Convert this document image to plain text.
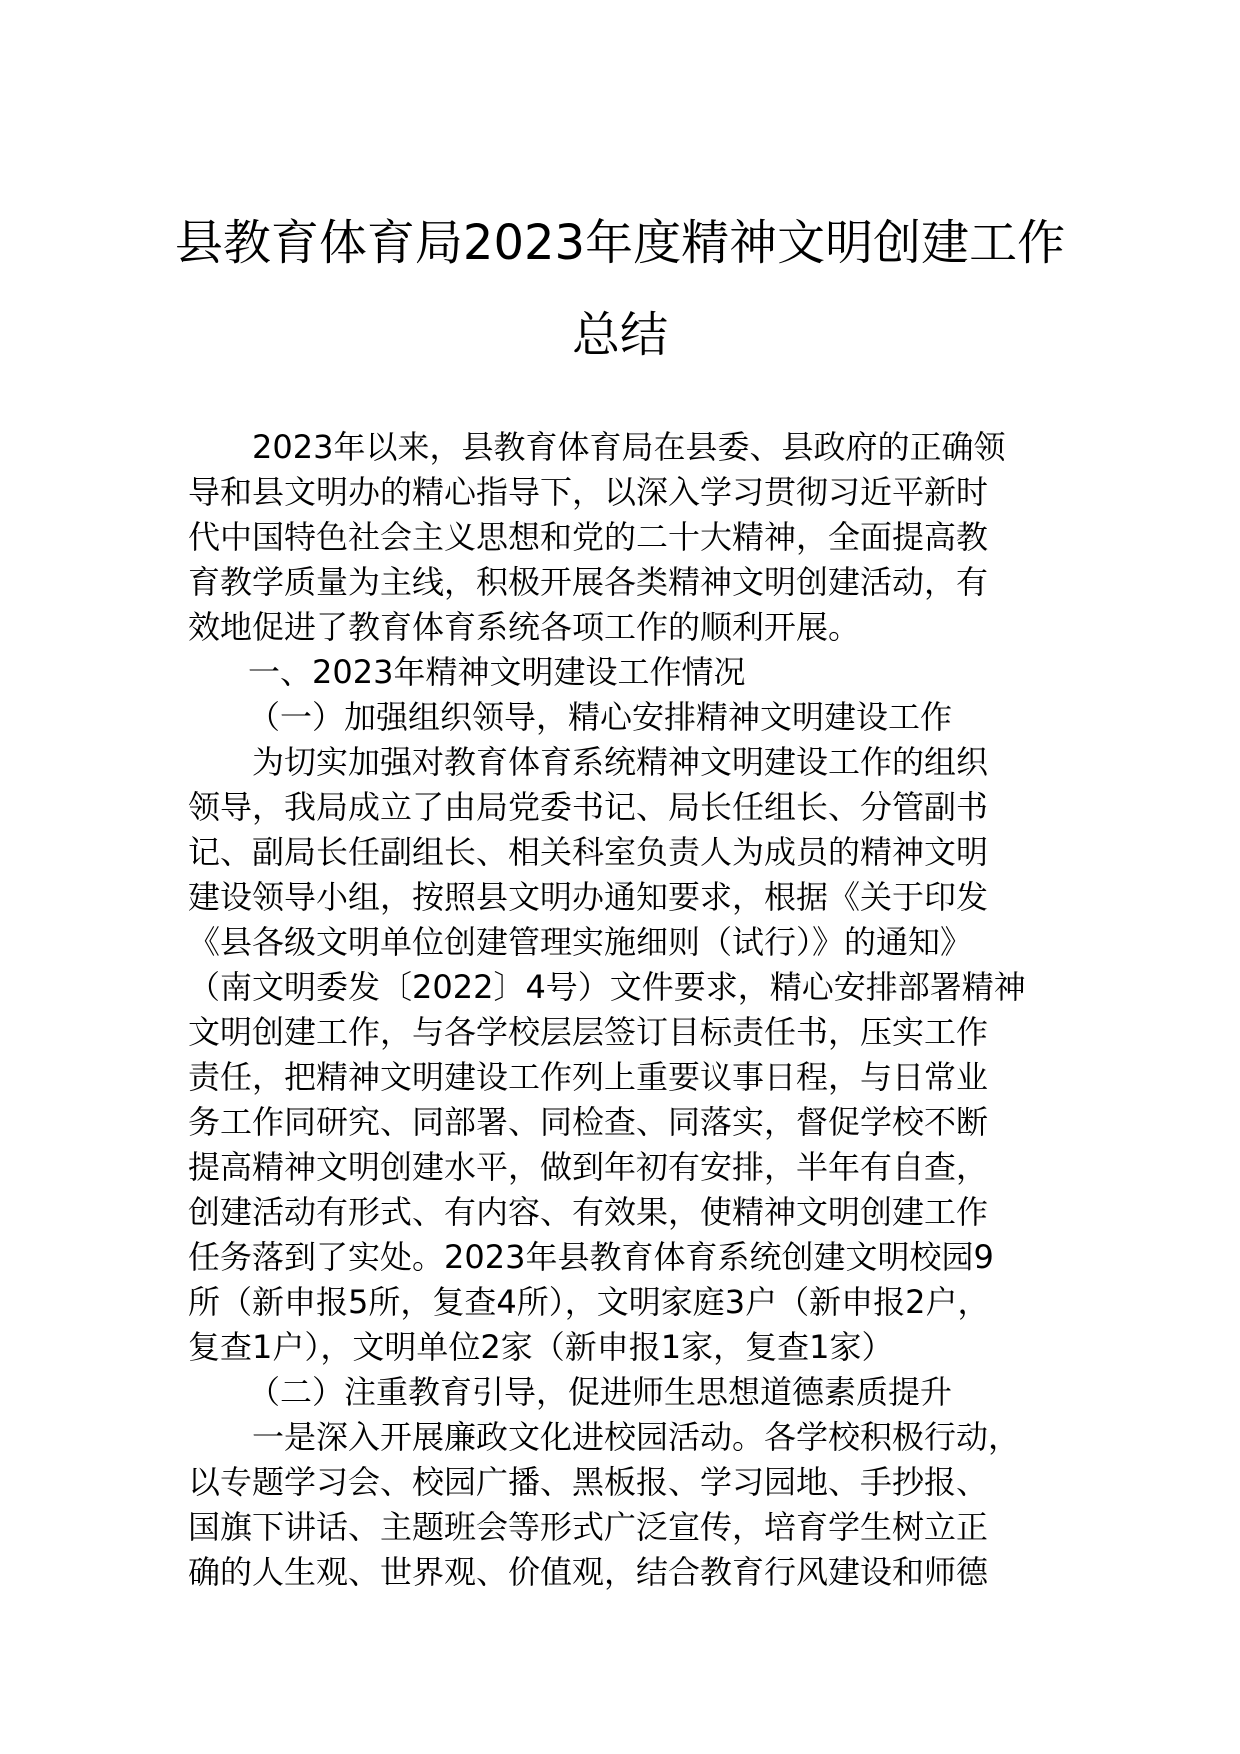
县教育体育局2023年度精神文明创建工作
总结
2023年以来，县教育体育局在县委、县政府的正确领
导和县文明办的精心指导下，以深入学习贯彻习近平新时
代中国特色社会主义思想和党的二十大精神，全面提高教
育教学质量为主线，积极开展各类精神文明创建活动，有
效地促进了教育体育系统各项工作的顺利开展。
一、2023年精神文明建设工作情况
（一）加强组织领导，精心安排精神文明建设工作
为切实加强对教育体育系统精神文明建设工作的组织
领导，我局成立了由局党委书记、局长任组长、分管副书
记、副局长任副组长、相关科室负责人为成员的精神文明
建设领导小组，按照县文明办通知要求，根据《关于印发
《县各级文明单位创建管理实施细则（试行）》的通知》
（南文明委发〔2022〕4号）文件要求，精心安排部署精神
文明创建工作，与各学校层层签订目标责任书，压实工作
责任，把精神文明建设工作列上重要议事日程，与日常业
务工作同研究、同部署、同检查、同落实，督促学校不断
提高精神文明创建水平，做到年初有安排，半年有自查，
创建活动有形式、有内容、有效果，使精神文明创建工作
任务落到了实处。2023年县教育体育系统创建文明校园9
所（新申报5所，复查4所），文明家庭3户（新申报2户，
复查1户），文明单位2家（新申报1家，复查1家）
（二）注重教育引导，促进师生思想道德素质提升
一是深入开展廉政文化进校园活动。各学校积极行动，
以专题学习会、校园广播、黑板报、学习园地、手抄报、
国旗下讲话、主题班会等形式广泛宣传，培育学生树立正
确的人生观、世界观、价值观，结合教育行风建设和师德
